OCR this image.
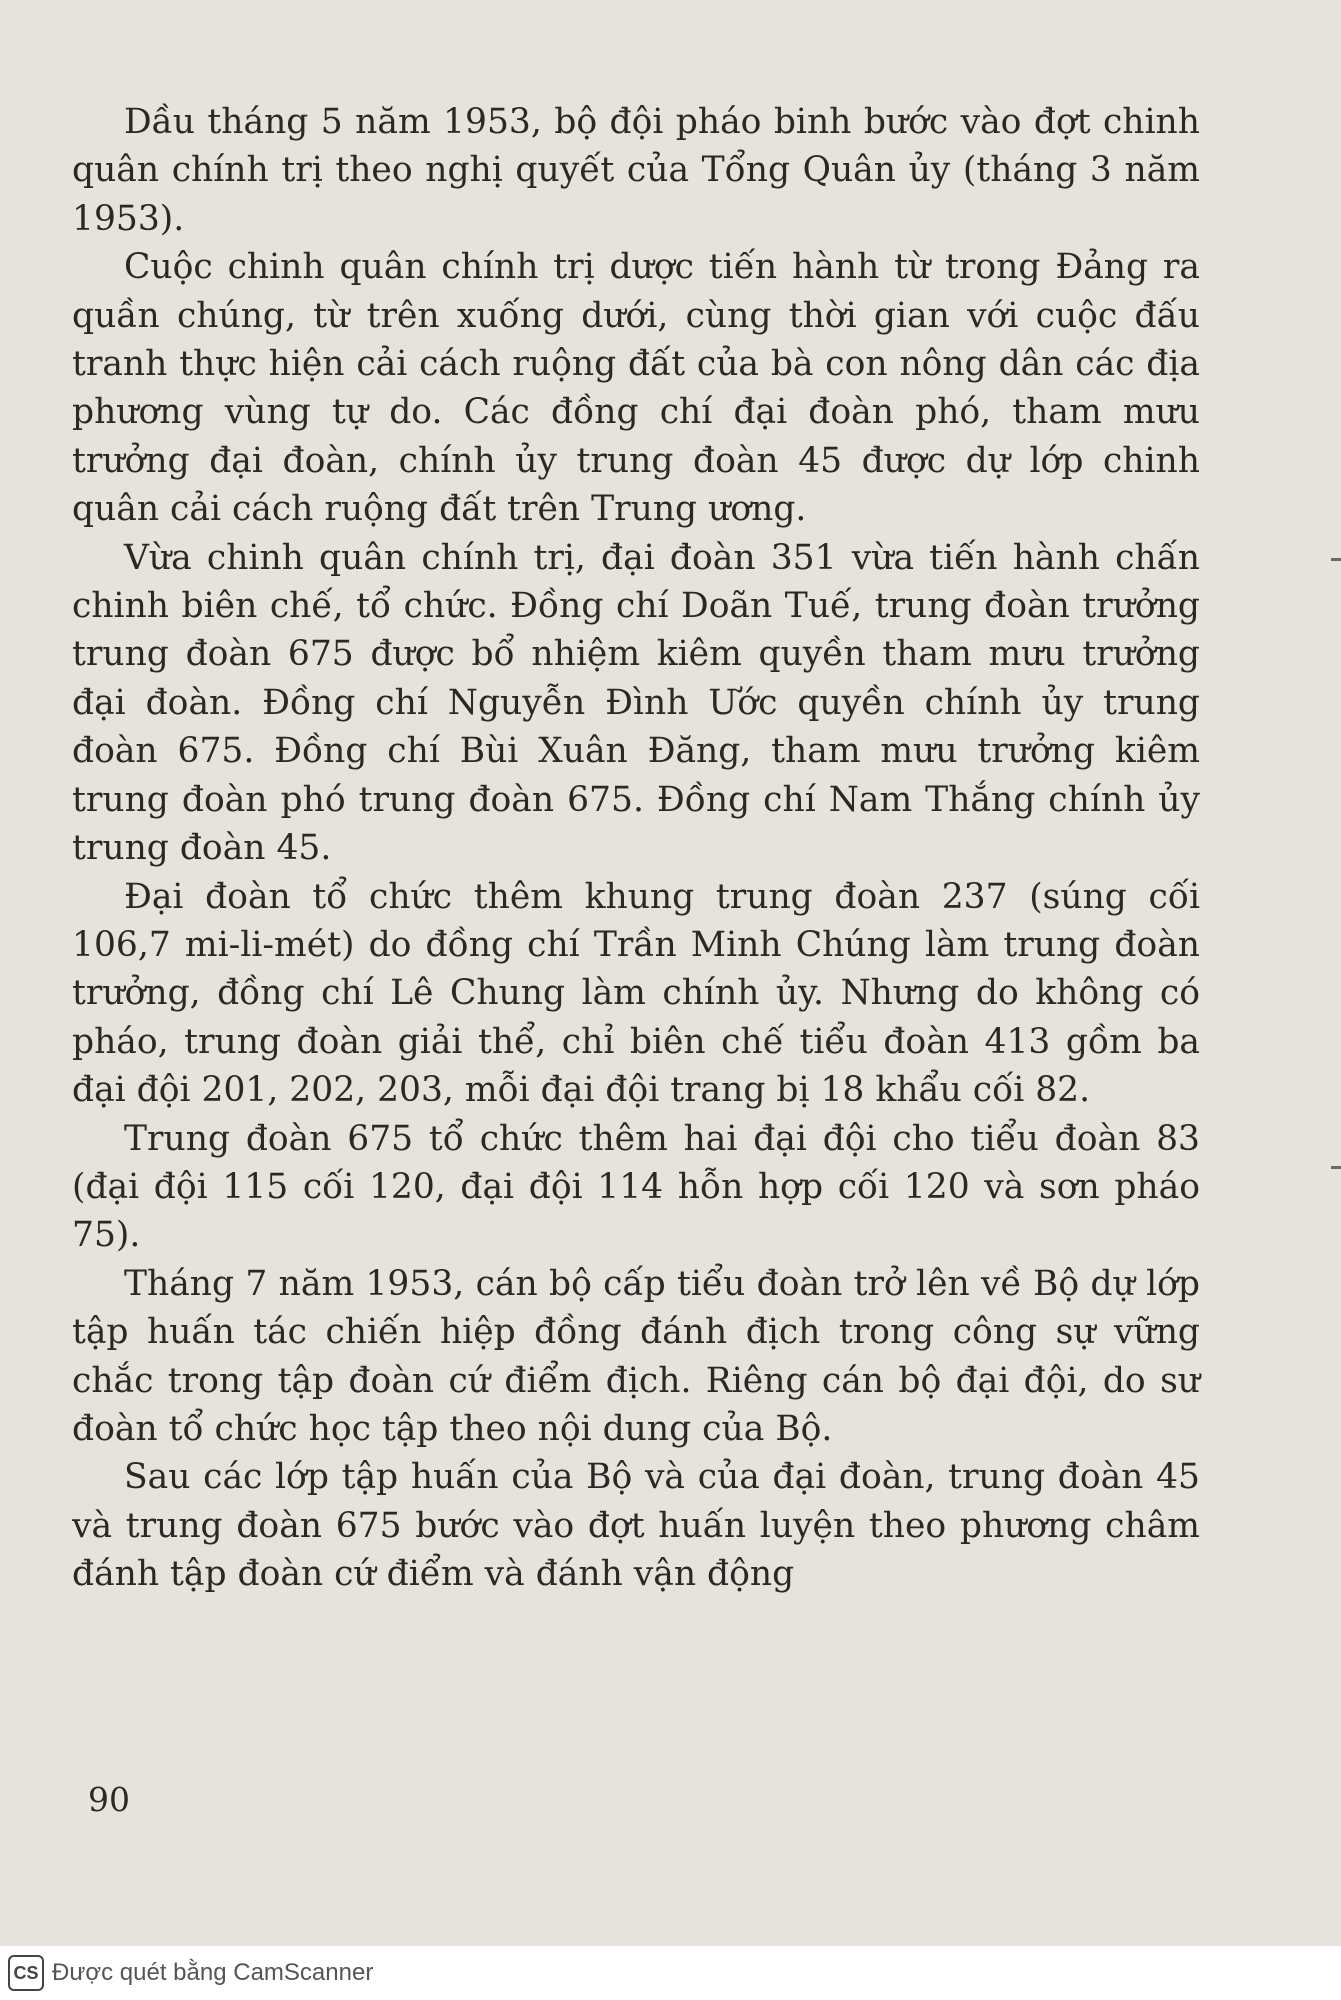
Dầu tháng 5 năm 1953, bộ đội pháo binh bước vào đợt chinh quân chính trị theo nghị quyết của Tổng Quân ủy (tháng 3 năm 1953).

Cuộc chinh quân chính trị dược tiến hành từ trong Đảng ra quần chúng, từ trên xuống dưới, cùng thời gian với cuộc đấu tranh thực hiện cải cách ruộng đất của bà con nông dân các địa phương vùng tự do. Các đồng chí đại đoàn phó, tham mưu trưởng đại đoàn, chính ủy trung đoàn 45 được dự lớp chinh quân cải cách ruộng đất trên Trung ương.

Vừa chinh quân chính trị, đại đoàn 351 vừa tiến hành chấn chinh biên chế, tổ chức. Đồng chí Doãn Tuế, trung đoàn trưởng trung đoàn 675 được bổ nhiệm kiêm quyền tham mưu trưởng đại đoàn. Đồng chí Nguyễn Đình Ước quyền chính ủy trung đoàn 675. Đồng chí Bùi Xuân Đăng, tham mưu trưởng kiêm trung đoàn phó trung đoàn 675. Đồng chí Nam Thắng chính ủy trung đoàn 45.

Đại đoàn tổ chức thêm khung trung đoàn 237 (súng cối 106,7 mi-li-mét) do đồng chí Trần Minh Chúng làm trung đoàn trưởng, đồng chí Lê Chung làm chính ủy. Nhưng do không có pháo, trung đoàn giải thể, chỉ biên chế tiểu đoàn 413 gồm ba đại đội 201, 202, 203, mỗi đại đội trang bị 18 khẩu cối 82.

Trung đoàn 675 tổ chức thêm hai đại đội cho tiểu đoàn 83 (đại đội 115 cối 120, đại đội 114 hỗn hợp cối 120 và sơn pháo 75).

Tháng 7 năm 1953, cán bộ cấp tiểu đoàn trở lên về Bộ dự lớp tập huấn tác chiến hiệp đồng đánh địch trong công sự vững chắc trong tập đoàn cứ điểm địch. Riêng cán bộ đại đội, do sư đoàn tổ chức học tập theo nội dung của Bộ.

Sau các lớp tập huấn của Bộ và của đại đoàn, trung đoàn 45 và trung đoàn 675 bước vào đợt huấn luyện theo phương châm đánh tập đoàn cứ điểm và đánh vận động

90
CS Được quét bằng CamScanner
